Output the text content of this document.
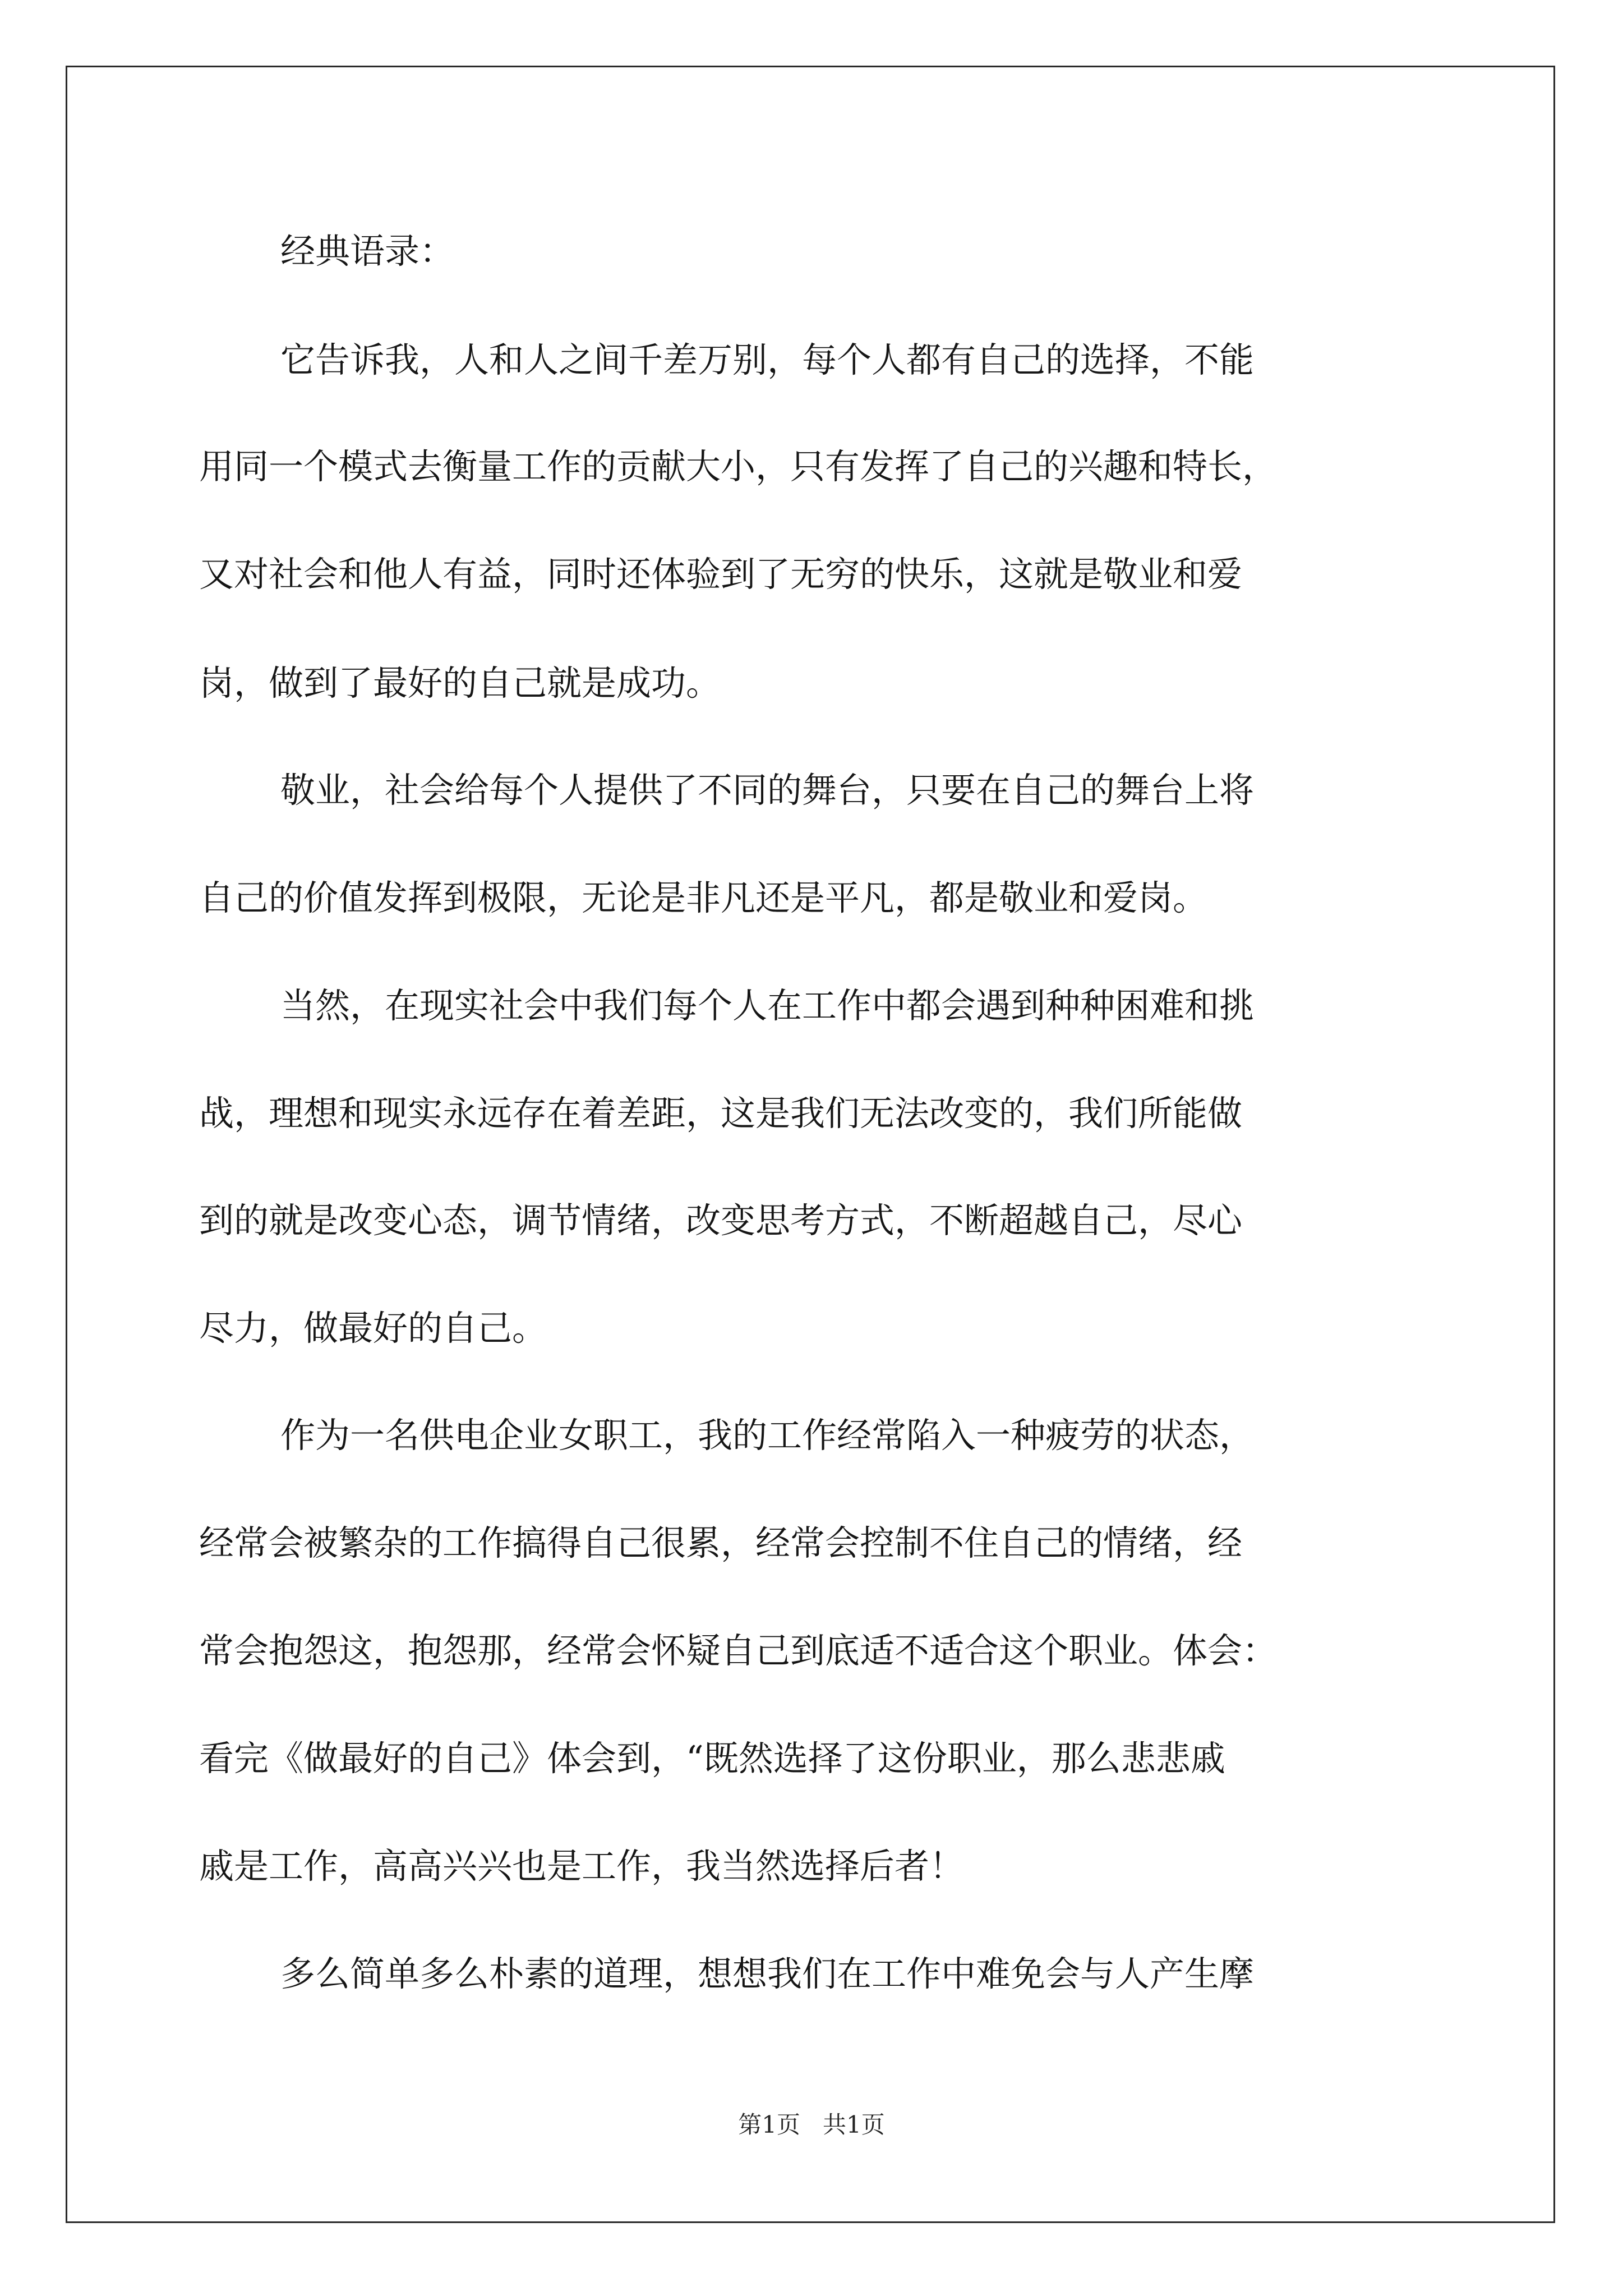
经典语录：
它告诉我，人和人之间千差万别，每个人都有自己的选择，不能
用同一个模式去衡量工作的贡献大小，只有发挥了自己的兴趣和特长，
又对社会和他人有益，同时还体验到了无穷的快乐，这就是敬业和爱
岗，做到了最好的自己就是成功。
敬业，社会给每个人提供了不同的舞台，只要在自己的舞台上将
自己的价值发挥到极限，无论是非凡还是平凡，都是敬业和爱岗。
当然，在现实社会中我们每个人在工作中都会遇到种种困难和挑
战，理想和现实永远存在着差距，这是我们无法改变的，我们所能做
到的就是改变心态，调节情绪，改变思考方式，不断超越自己，尽心
尽力，做最好的自己。
作为一名供电企业女职工，我的工作经常陷入一种疲劳的状态，
经常会被繁杂的工作搞得自己很累，经常会控制不住自己的情绪，经
常会抱怨这，抱怨那，经常会怀疑自己到底适不适合这个职业。体会：
看完《做最好的自己》体会到，“既然选择了这份职业，那么悲悲戚
戚是工作，高高兴兴也是工作，我当然选择后者！
多么简单多么朴素的道理，想想我们在工作中难免会与人产生摩
第1页   共1页
